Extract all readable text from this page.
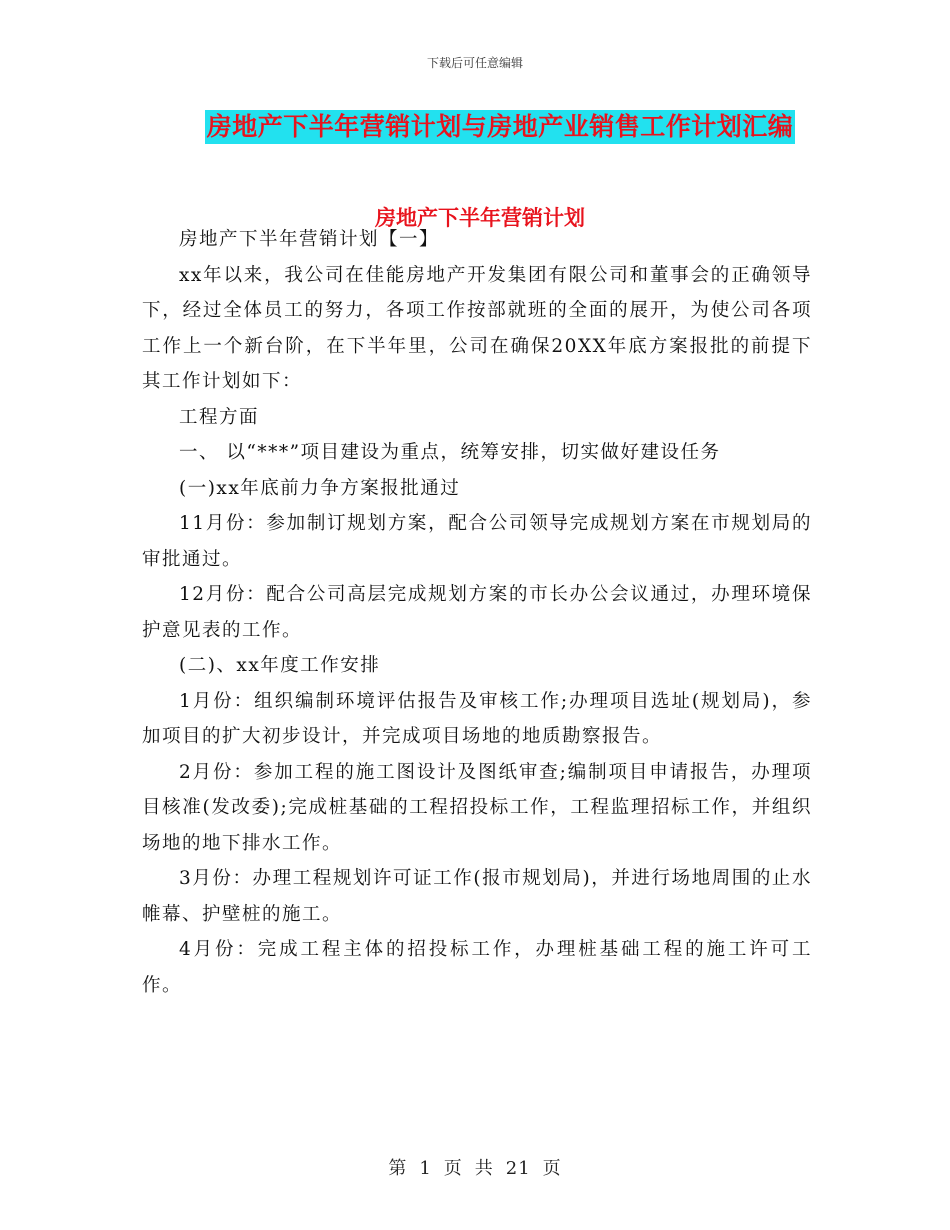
下载后可任意编辑
房地产下半年营销计划与房地产业销售工作计划汇编
房地产下半年营销计划

房地产下半年营销计划【一】

xx年以来，我公司在佳能房地产开发集团有限公司和董事会的正确领导下，经过全体员工的努力，各项工作按部就班的全面的展开，为使公司各项工作上一个新台阶，在下半年里，公司在确保20XX年底方案报批的前提下其工作计划如下：

工程方面

一、 以“***”项目建设为重点，统筹安排，切实做好建设任务

(一)xx年底前力争方案报批通过

11月份：参加制订规划方案，配合公司领导完成规划方案在市规划局的审批通过。

12月份：配合公司高层完成规划方案的市长办公会议通过，办理环境保护意见表的工作。

(二)、xx年度工作安排

1月份：组织编制环境评估报告及审核工作;办理项目选址(规划局)，参加项目的扩大初步设计，并完成项目场地的地质勘察报告。

2月份：参加工程的施工图设计及图纸审查;编制项目申请报告，办理项目核准(发改委);完成桩基础的工程招投标工作，工程监理招标工作，并组织场地的地下排水工作。

3月份：办理工程规划许可证工作(报市规划局)，并进行场地周围的止水帷幕、护壁桩的施工。

4月份：完成工程主体的招投标工作，办理桩基础工程的施工许可工作。

第 1 页 共 21 页
